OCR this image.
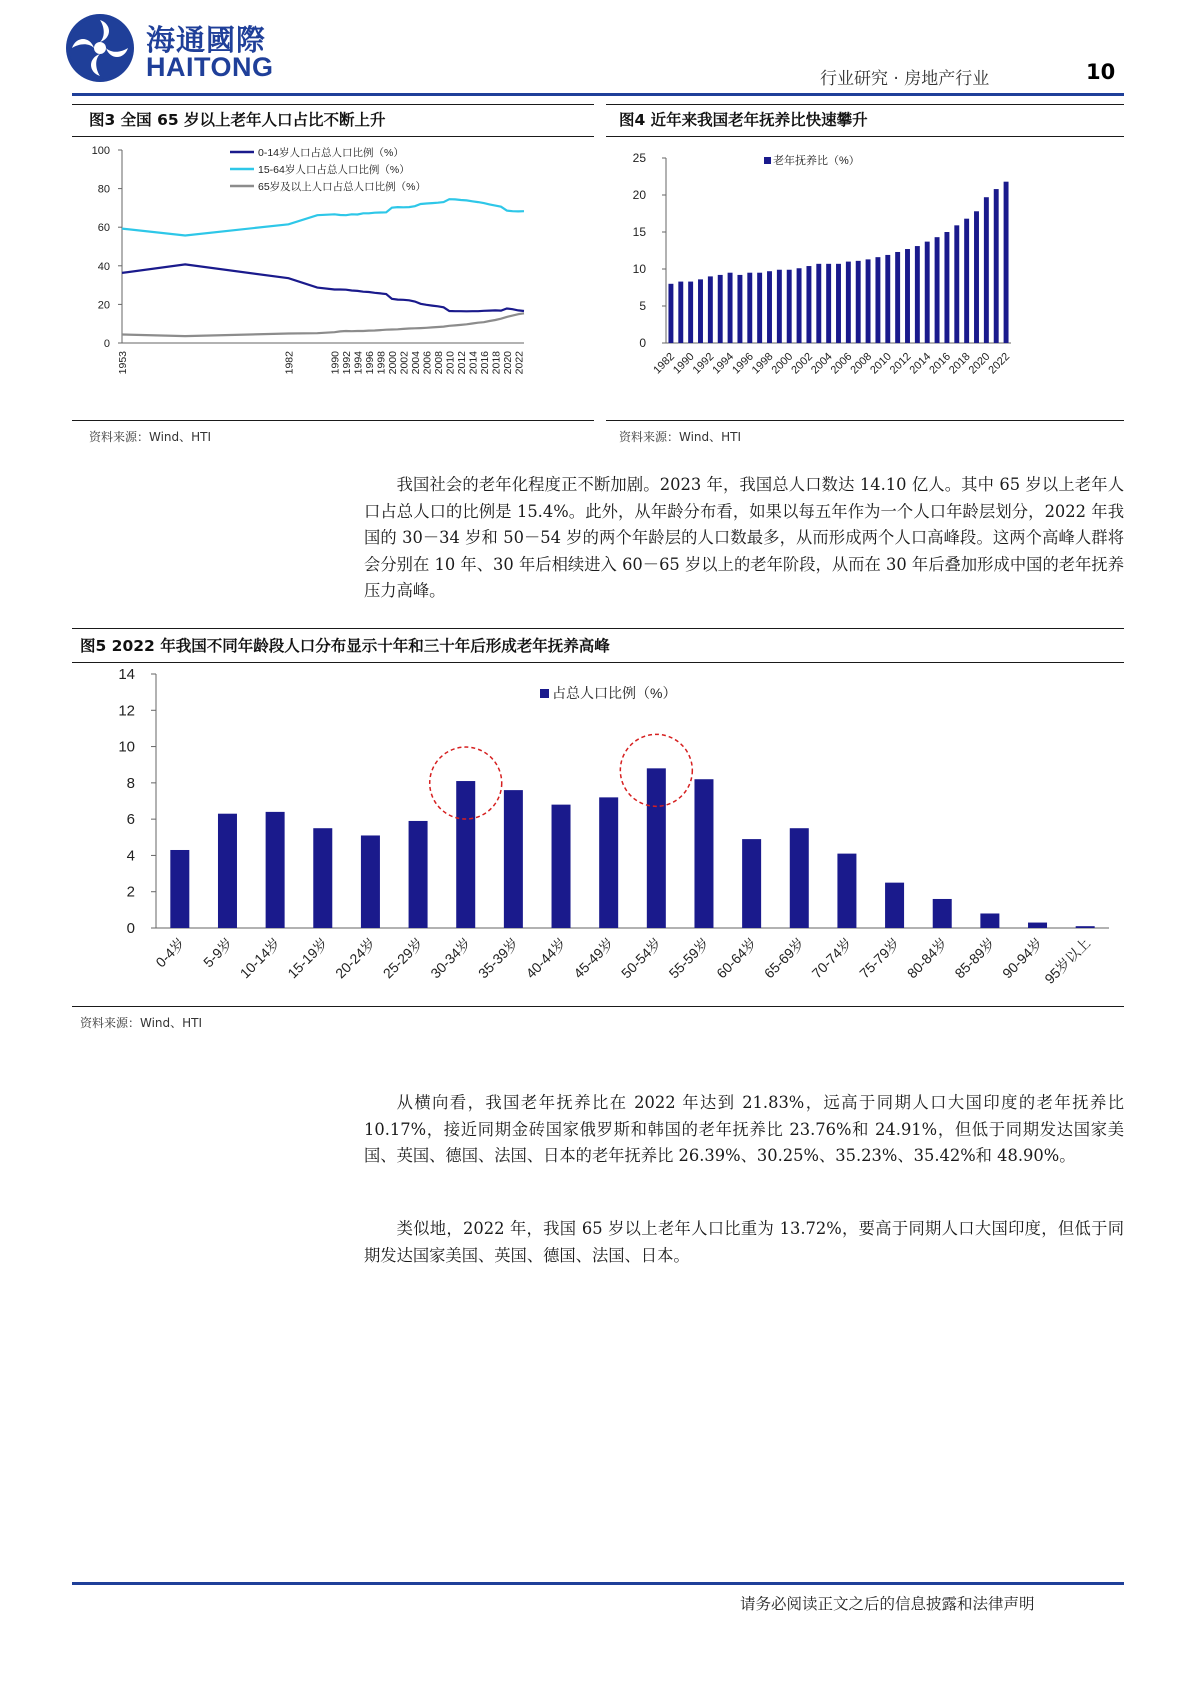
海通國際
HAITONG	行业研究 · 房地产行业	10
图3 全国 65 岁以上老年人口占比不断上升
0
20
40
60
80
100
1953	1982	1990 1992 1994 1996 1998 2000 2002 2004 2006 2008 2010 2012 2014 2016 2018 2020 2022
0-14岁人口占总人口比例（%）
15-64岁人口占总人口比例（%）
65岁及以上人口占总人口比例（%）
资料来源：Wind、HTI
图4 近年来我国老年抚养比快速攀升
0
5
10
15
20
25
1982
1990
1992
1994
1996
1998
2000
2002
2004
2006
2008
2010
2012
2014
2016
2018
2020
2022
老年抚养比（%）
资料来源：Wind、HTI

我国社会的老年化程度正不断加剧。2023 年，我国总人口数达 14.10 亿人。其中 65 岁以上老年人口占总人口的比例是 15.4%。此外，从年龄分布看，如果以每五年作为一个人口年龄层划分，2022 年我国的 30－34 岁和 50－54 岁的两个年龄层的人口数最多，从而形成两个人口高峰段。这两个高峰人群将会分别在 10 年、30 年后相续进入 60－65 岁以上的老年阶段，从而在 30 年后叠加形成中国的老年抚养压力高峰。

图5 2022 年我国不同年龄段人口分布显示十年和三十年后形成老年抚养高峰
0
2
4
6
8
10
12
14
0-4岁 5-9岁 10-14岁 15-19岁 20-24岁 25-29岁 30-34岁 35-39岁 40-44岁 45-49岁 50-54岁 55-59岁 60-64岁 65-69岁 70-74岁 75-79岁 80-84岁 85-89岁 90-94岁
95岁以上
占总人口比例（%）
资料来源：Wind、HTI

从横向看，我国老年抚养比在 2022 年达到 21.83%，远高于同期人口大国印度的老年抚养比 10.17%，接近同期金砖国家俄罗斯和韩国的老年抚养比 23.76%和 24.91%，但低于同期发达国家美国、英国、德国、法国、日本的老年抚养比 26.39%、30.25%、35.23%、35.42%和 48.90%。

类似地，2022 年，我国 65 岁以上老年人口比重为 13.72%，要高于同期人口大国印度，但低于同期发达国家美国、英国、德国、法国、日本。

请务必阅读正文之后的信息披露和法律声明
